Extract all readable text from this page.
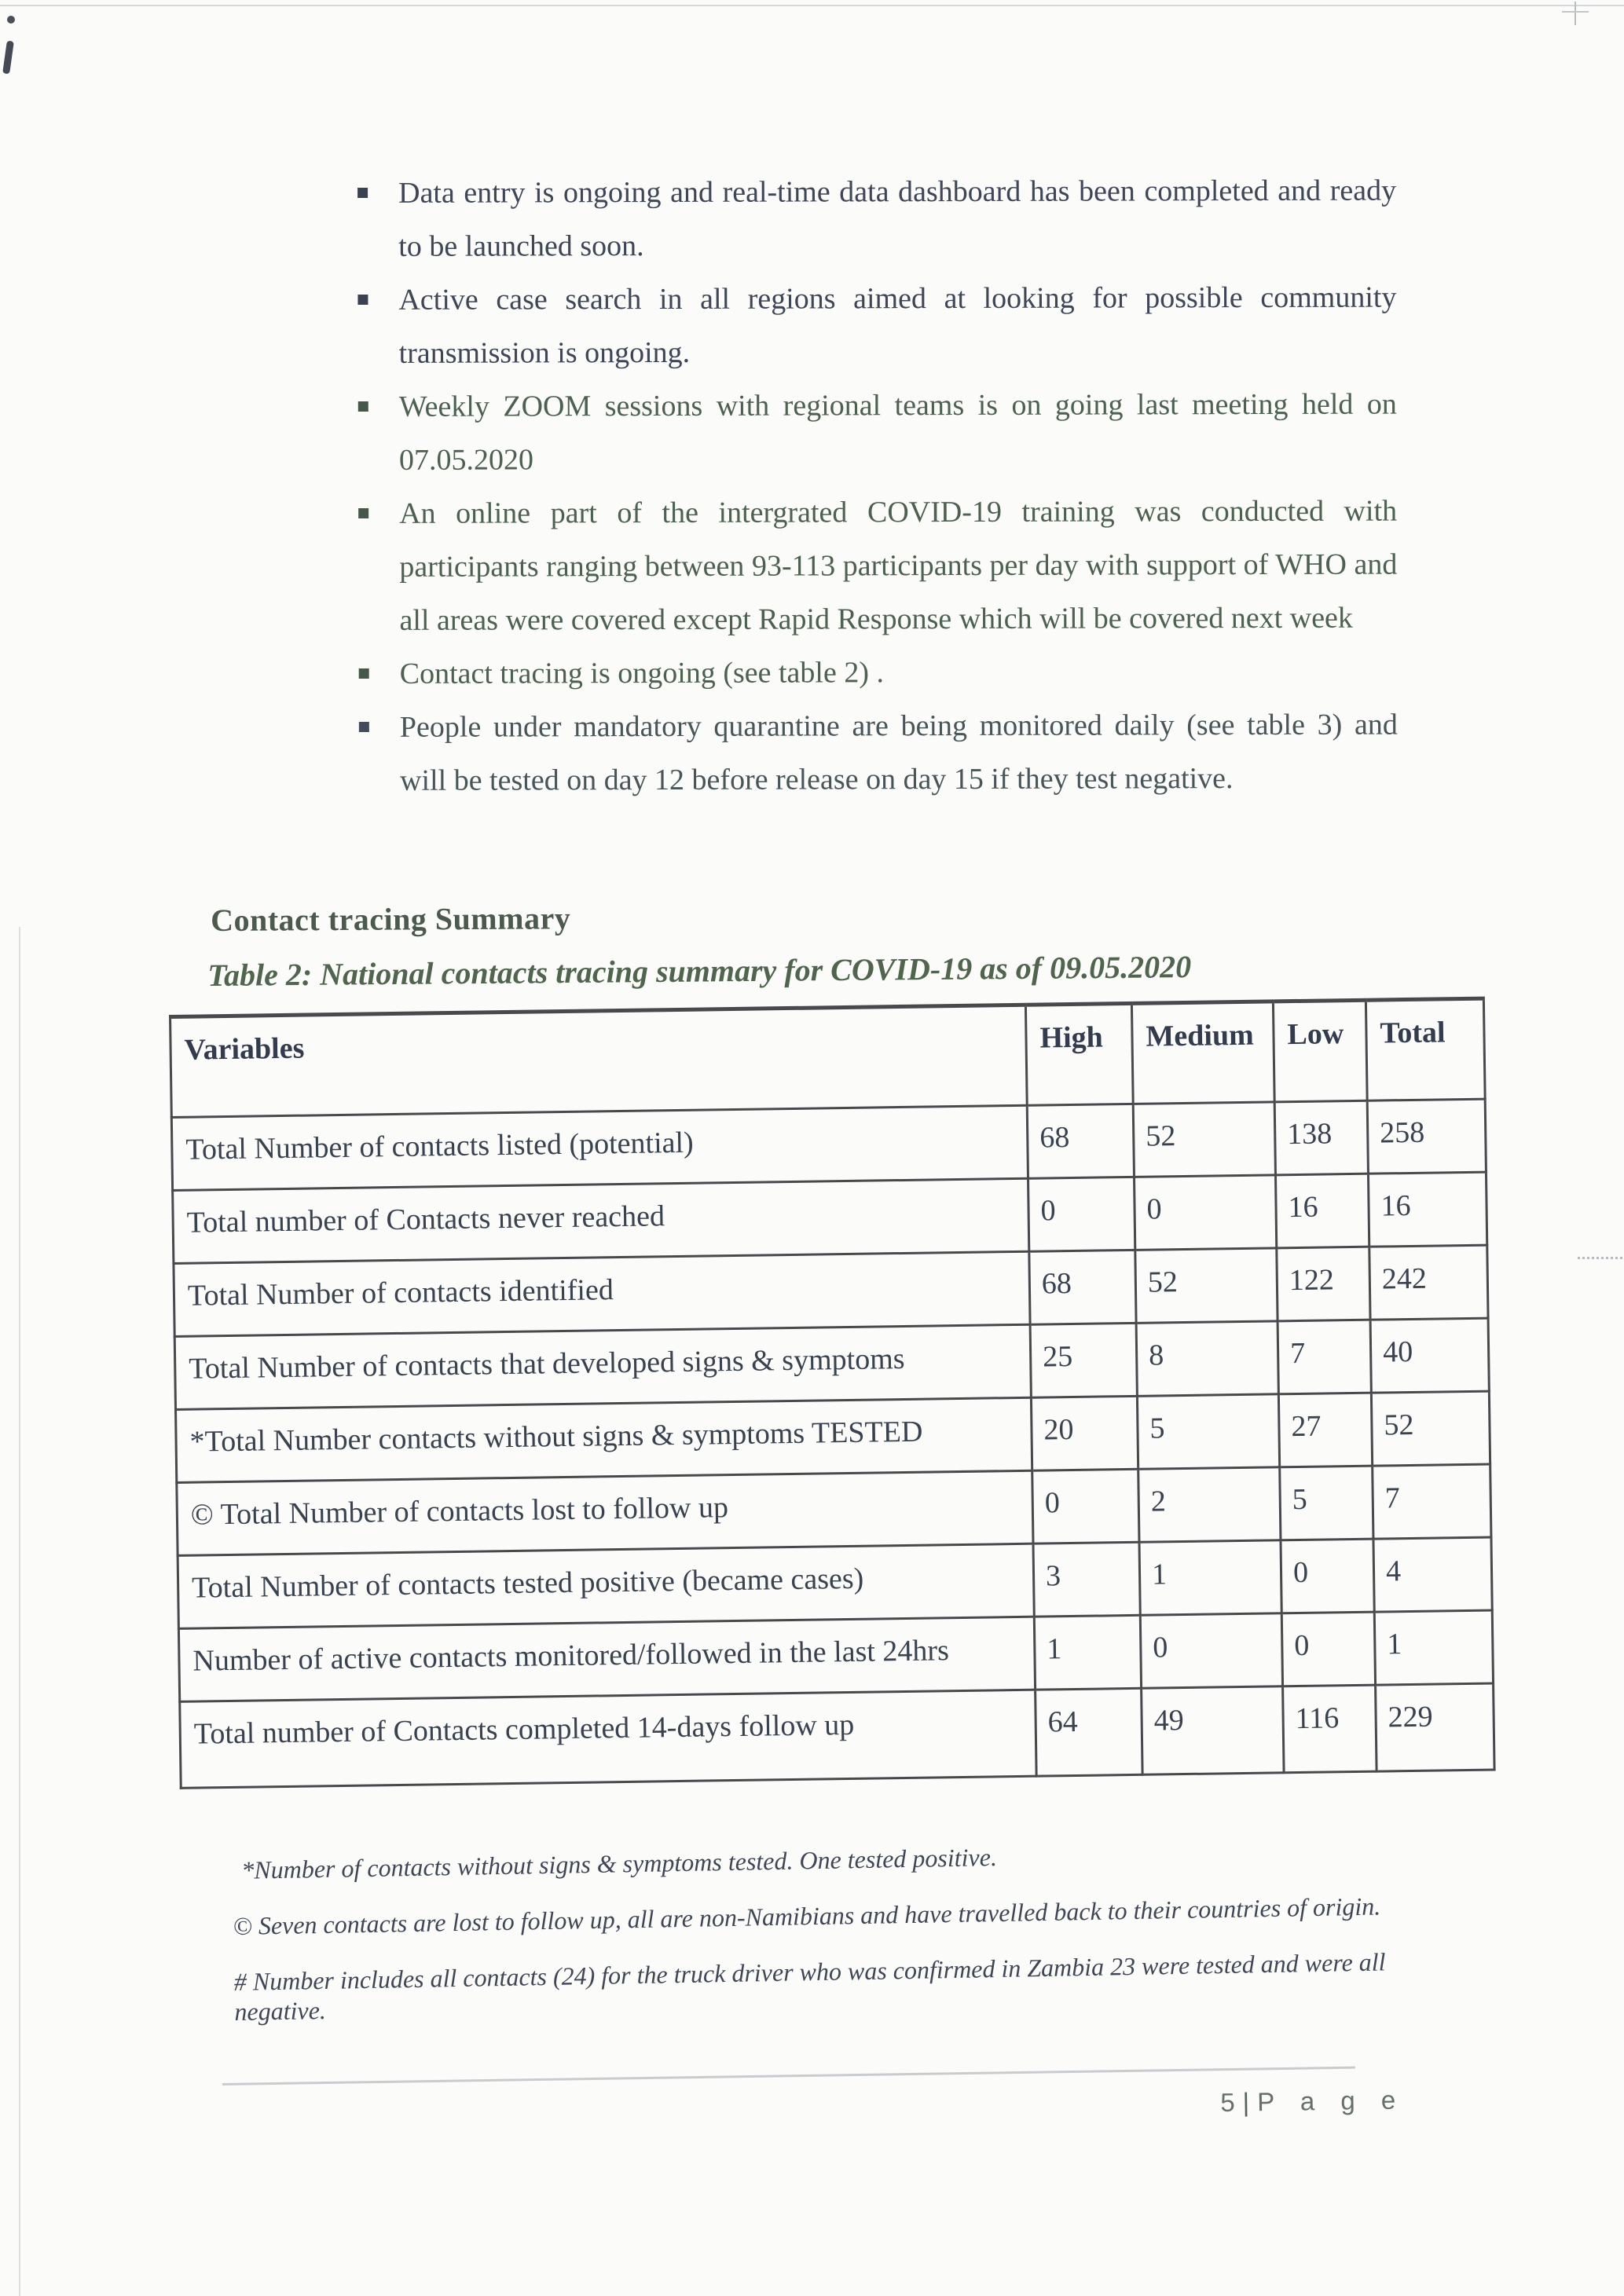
Data entry is ongoing and real-time data dashboard has been completed and ready to be launched soon.
Active case search in all regions aimed at looking for possible community transmission is ongoing.
Weekly ZOOM sessions with regional teams is on going last meeting held on 07.05.2020
An online part of the intergrated COVID-19 training was conducted with participants ranging between 93-113 participants per day with support of WHO and all areas were covered except Rapid Response which will be covered next week
Contact tracing is ongoing (see table 2) .
People under mandatory quarantine are being monitored daily (see table 3) and will be tested on day 12 before release on day 15 if they test negative.
Contact tracing Summary

Table 2: National contacts tracing summary for COVID-19 as of 09.05.2020

Variables	High	Medium	Low	Total
Total Number of contacts listed (potential)	68	52	138	258
Total number of Contacts never reached	0	0	16	16
Total Number of contacts identified	68	52	122	242
Total Number of contacts that developed signs & symptoms	25	8	7	40
*Total Number contacts without signs & symptoms TESTED	20	5	27	52
© Total Number of contacts lost to follow up	0	2	5	7
Total Number of contacts tested positive (became cases)	3	1	0	4
Number of active contacts monitored/followed in the last 24hrs	1	0	0	1
Total number of Contacts completed 14-days follow up	64	49	116	229

*Number of contacts without signs & symptoms tested. One tested positive.

© Seven contacts are lost to follow up, all are non-Namibians and have travelled back to their countries of origin.

# Number includes all contacts (24) for the truck driver who was confirmed in Zambia 23 were tested and were all negative.

5 | P a g e
